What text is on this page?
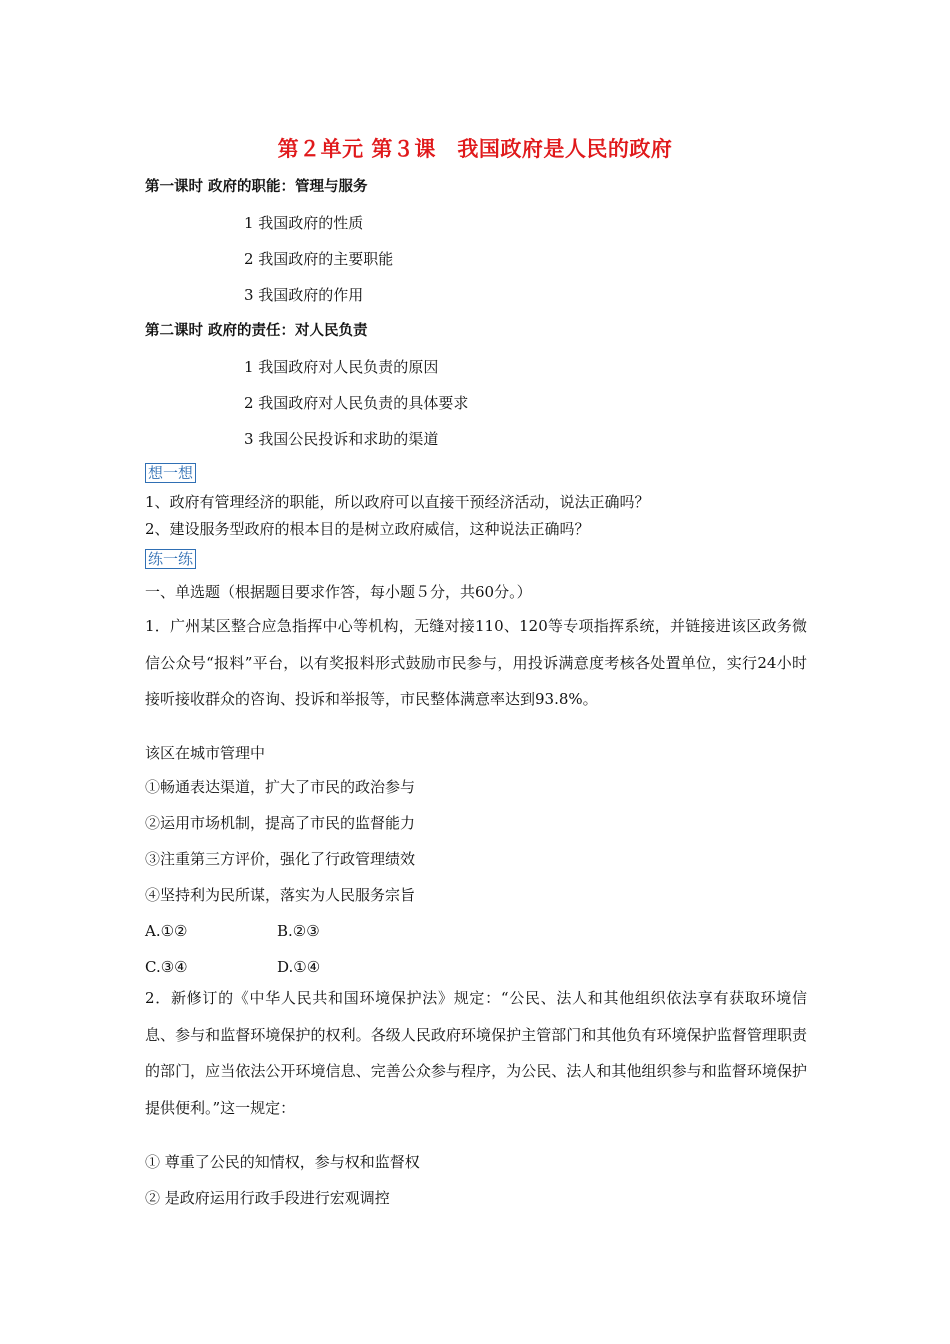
第２单元 第３课　我国政府是人民的政府
第一课时 政府的职能：管理与服务
1 我国政府的性质
2 我国政府的主要职能
3 我国政府的作用
第二课时 政府的责任：对人民负责
1 我国政府对人民负责的原因
2 我国政府对人民负责的具体要求
3 我国公民投诉和求助的渠道
想一想
1、政府有管理经济的职能，所以政府可以直接干预经济活动，说法正确吗？
2、建设服务型政府的根本目的是树立政府威信，这种说法正确吗？
练一练
一、单选题（根据题目要求作答，每小题５分，共60分。）
1．广州某区整合应急指挥中心等机构，无缝对接110、120等专项指挥系统，并链接进该区政务微信公众号“报料”平台，以有奖报料形式鼓励市民参与，用投诉满意度考核各处置单位，实行24小时接听接收群众的咨询、投诉和举报等，市民整体满意率达到93.8%。
该区在城市管理中
①畅通表达渠道，扩大了市民的政治参与
②运用市场机制，提高了市民的监督能力
③注重第三方评价，强化了行政管理绩效
④坚持利为民所谋，落实为人民服务宗旨
A.①②	B.②③
C.③④	D.①④
2．新修订的《中华人民共和国环境保护法》规定：“公民、法人和其他组织依法享有获取环境信息、参与和监督环境保护的权利。各级人民政府环境保护主管部门和其他负有环境保护监督管理职责的部门，应当依法公开环境信息、完善公众参与程序，为公民、法人和其他组织参与和监督环境保护提供便利。”这一规定：
① 尊重了公民的知情权，参与权和监督权
② 是政府运用行政手段进行宏观调控
